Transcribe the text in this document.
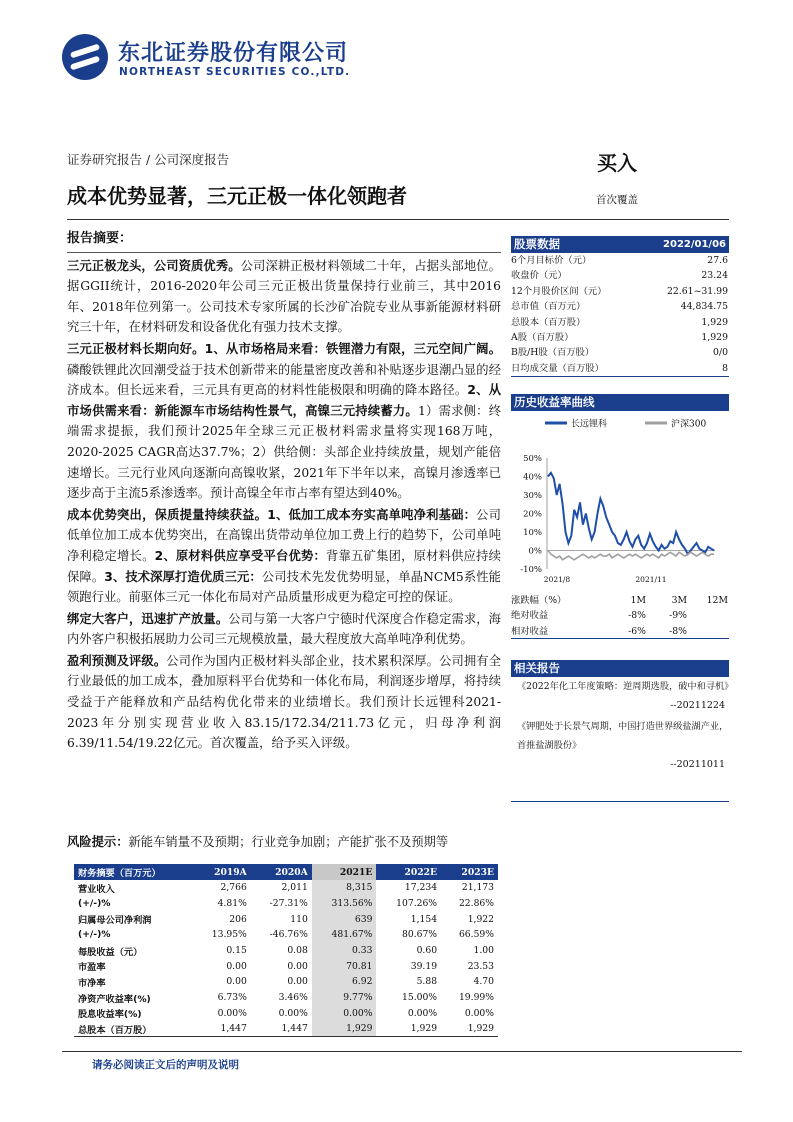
东北证券股份有限公司
NORTHEAST SECURITIES CO.,LTD.
证券研究报告 / 公司深度报告	买入
成本优势显著，三元正极一体化领跑者	首次覆盖
报告摘要：

三元正极龙头，公司资质优秀。公司深耕正极材料领域二十年，占据头部地位。据GGII统计，2016-2020年公司三元正极出货量保持行业前三，其中2016年、2018年位列第一。公司技术专家所属的长沙矿冶院专业从事新能源材料研究三十年，在材料研发和设备优化有强力技术支撑。

三元正极材料长期向好。1、从市场格局来看：铁锂潜力有限，三元空间广阔。磷酸铁锂此次回潮受益于技术创新带来的能量密度改善和补贴逐步退潮凸显的经济成本。但长远来看，三元具有更高的材料性能极限和明确的降本路径。2、从市场供需来看：新能源车市场结构性景气，高镍三元持续蓄力。1）需求侧：终端需求提振，我们预计2025年全球三元正极材料需求量将实现168万吨，2020-2025 CAGR高达37.7%；2）供给侧：头部企业持续放量，规划产能倍速增长。三元行业风向逐渐向高镍收紧，2021年下半年以来，高镍月渗透率已逐步高于主流5系渗透率。预计高镍全年市占率有望达到40%。

成本优势突出，保质提量持续获益。1、低加工成本夯实高单吨净利基础：公司低单位加工成本优势突出，在高镍出货带动单位加工费上行的趋势下，公司单吨净利稳定增长。2、原材料供应享受平台优势：背靠五矿集团，原材料供应持续保障。3、技术深厚打造优质三元：公司技术先发优势明显，单晶NCM5系性能领跑行业。前驱体三元一体化布局对产品质量形成更为稳定可控的保证。

绑定大客户，迅速扩产放量。公司与第一大客户宁德时代深度合作稳定需求，海内外客户积极拓展助力公司三元规模放量，最大程度放大高单吨净利优势。

盈利预测及评级。公司作为国内正极材料头部企业，技术累积深厚。公司拥有全行业最低的加工成本，叠加原料平台优势和一体化布局，利润逐步增厚，将持续受益于产能释放和产品结构优化带来的业绩增长。我们预计长远锂科2021-2023年分别实现营业收入83.15/172.34/211.73亿元，归母净利润6.39/11.54/19.22亿元。首次覆盖，给予买入评级。

风险提示：新能车销量不及预期；行业竞争加剧；产能扩张不及预期等
财务摘要（百万元）	2019A	2020A	2021E	2022E	2023E
营业收入	2,766	2,011	8,315	17,234	21,173
(+/-)%	4.81%	-27.31%	313.56%	107.26%	22.86%
归属母公司净利润	206	110	639	1,154	1,922
(+/-)%	13.95%	-46.76%	481.67%	80.67%	66.59%
每股收益（元）	0.15	0.08	0.33	0.60	1.00
市盈率	0.00	0.00	70.81	39.19	23.53
市净率	0.00	0.00	6.92	5.88	4.70
净资产收益率(%)	6.73%	3.46%	9.77%	15.00%	19.99%
股息收益率(%)	0.00%	0.00%	0.00%	0.00%	0.00%
总股本（百万股）	1,447	1,447	1,929	1,929	1,929
请务必阅读正文后的声明及说明
股票数据	2022/01/06
6个月目标价（元）	27.6
收盘价（元）	23.24
12个月股价区间（元）	22.61~31.99
总市值（百万元）	44,834.75
总股本（百万股）	1,929
A股（百万股）	1,929
B股/H股（百万股）	0/0
日均成交量（百万股）	8
历史收益率曲线
长远锂科	沪深300
50%
40%
30%
20%
10%
0%
-10%
2021/8	2021/11
涨跌幅（%）	1M	3M	12M
绝对收益	-8%	-9%
相对收益	-6%	-8%
相关报告
《2022年化工年度策略：逆周期选股，破中和寻机》
--20211224
《钾肥处于长景气周期，中国打造世界级盐湖产业，首推盐湖股份》
--20211011
